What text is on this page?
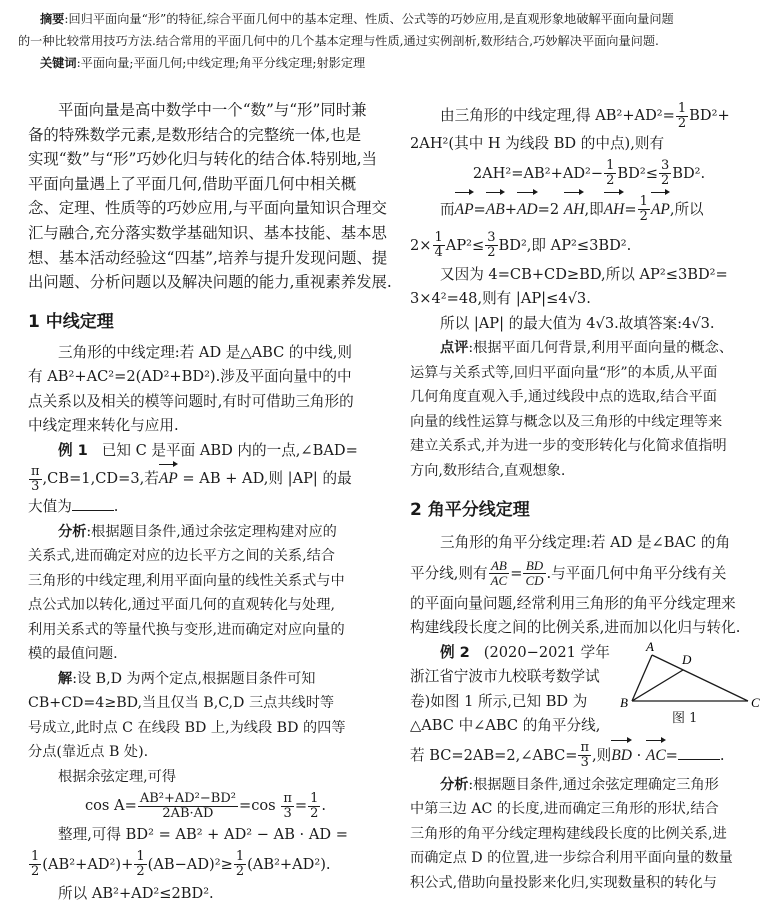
摘要:回归平面向量“形”的特征,综合平面几何中的基本定理、性质、公式等的巧妙应用,是直观形象地破解平面向量问题

的一种比较常用技巧方法.结合常用的平面几何中的几个基本定理与性质,通过实例剖析,数形结合,巧妙解决平面向量问题.

关键词:平面向量;平面几何;中线定理;角平分线定理;射影定理

平面向量是高中数学中一个“数”与“形”同时兼

备的特殊数学元素,是数形结合的完整统一体,也是

实现“数”与“形”巧妙化归与转化的结合体.特别地,当

平面向量遇上了平面几何,借助平面几何中相关概

念、定理、性质等的巧妙应用,与平面向量知识合理交

汇与融合,充分落实数学基础知识、基本技能、基本思

想、基本活动经验这“四基”,培养与提升发现问题、提

出问题、分析问题以及解决问题的能力,重视素养发展.

1 中线定理

三角形的中线定理:若 AD 是△ABC 的中线,则

有 AB²+AC²=2(AD²+BD²).涉及平面向量中的中

点关系以及相关的模等问题时,有时可借助三角形的

中线定理来转化与应用.

例 1 已知 C 是平面 ABD 内的一点,∠BAD=

$\frac{\pi}{3} ,CB=1,CD=3$,若AP = AB + AD,则 |AP| 的最

大值为	.

分析:根据题目条件,通过余弦定理构建对应的

关系式,进而确定对应的边长平方之间的关系,结合

三角形的中线定理,利用平面向量的线性关系式与中

点公式加以转化,通过平面几何的直观转化与处理,

利用关系式的等量代换与变形,进而确定对应向量的

模的最值问题.

解:设 B,D 为两个定点,根据题目条件可知

CB+CD=4≥BD,当且仅当 B,C,D 三点共线时等

号成立,此时点 C 在线段 BD 上,为线段 BD 的四等

分点(靠近点 B 处).

根据余弦定理,可得

$\cos A= \frac{\text{AB²+AD²−BD²}}{2AB\cdot AD} =\cos \frac{\pi}{3} = \frac{1}{2}$ .

整理,可得 BD² = AB² + AD² − AB · AD =

$\frac{1}{2} (AB^2+AD^2)+ \frac{1}{2} (AB-AD)^2\ge \frac{1}{2} (AB^2+AD^2)$.

所以 AB²+AD²≤2BD².

由三角形的中线定理,得 $AB^2+AD^2= \frac{1}{2} BD^2+$

2AH²(其中 H 为线段 BD 的中点),则有

$2AH^2=AB^2+AD^2- \frac{1}{2} BD^2\le \frac{3}{2} BD^2$.

而AP=AB+AD=2 AH,即$AH= \frac{1}{2}$ AP,所以

$2\times \frac{1}{4} AP^2\le \frac{3}{2} BD^2$,即 AP²≤3BD².

又因为 4=CB+CD≥BD,所以 AP²≤3BD²=

3×4²=48,则有 |AP|≤4√3.

所以 |AP| 的最大值为 4√3.故填答案:4√3.

点评:根据平面几何背景,利用平面向量的概念、

运算与关系式等,回归平面向量“形”的本质,从平面

几何角度直观入手,通过线段中点的选取,结合平面

向量的线性运算与概念以及三角形的中线定理等来

建立关系式,并为进一步的变形转化与化简求值指明

方向,数形结合,直观想象.

2 角平分线定理

三角形的角平分线定理:若 AD 是∠BAC 的角

平分线,则有 $\frac{AB}{AC} = \frac{BD}{CD}$ .与平面几何中角平分线有关

的平面向量问题,经常利用三角形的角平分线定理来

构建线段长度之间的比例关系,进而加以化归与转化.

例 2 (2020−2021 学年

浙江省宁波市九校联考数学试

卷)如图 1 所示,已知 BD 为

△ABC 中∠ABC 的角平分线,

若 BC=2AB=2,∠ABC= $\frac{\pi}{3}$ ,则BD · AC=	.

分析:根据题目条件,通过余弦定理确定三角形

中第三边 AC 的长度,进而确定三角形的形状,结合

三角形的角平分线定理构建线段长度的比例关系,进

而确定点 D 的位置,进一步综合利用平面向量的数量

积公式,借助向量投影来化归,实现数量积的转化与

A
D
B	C
图 1
